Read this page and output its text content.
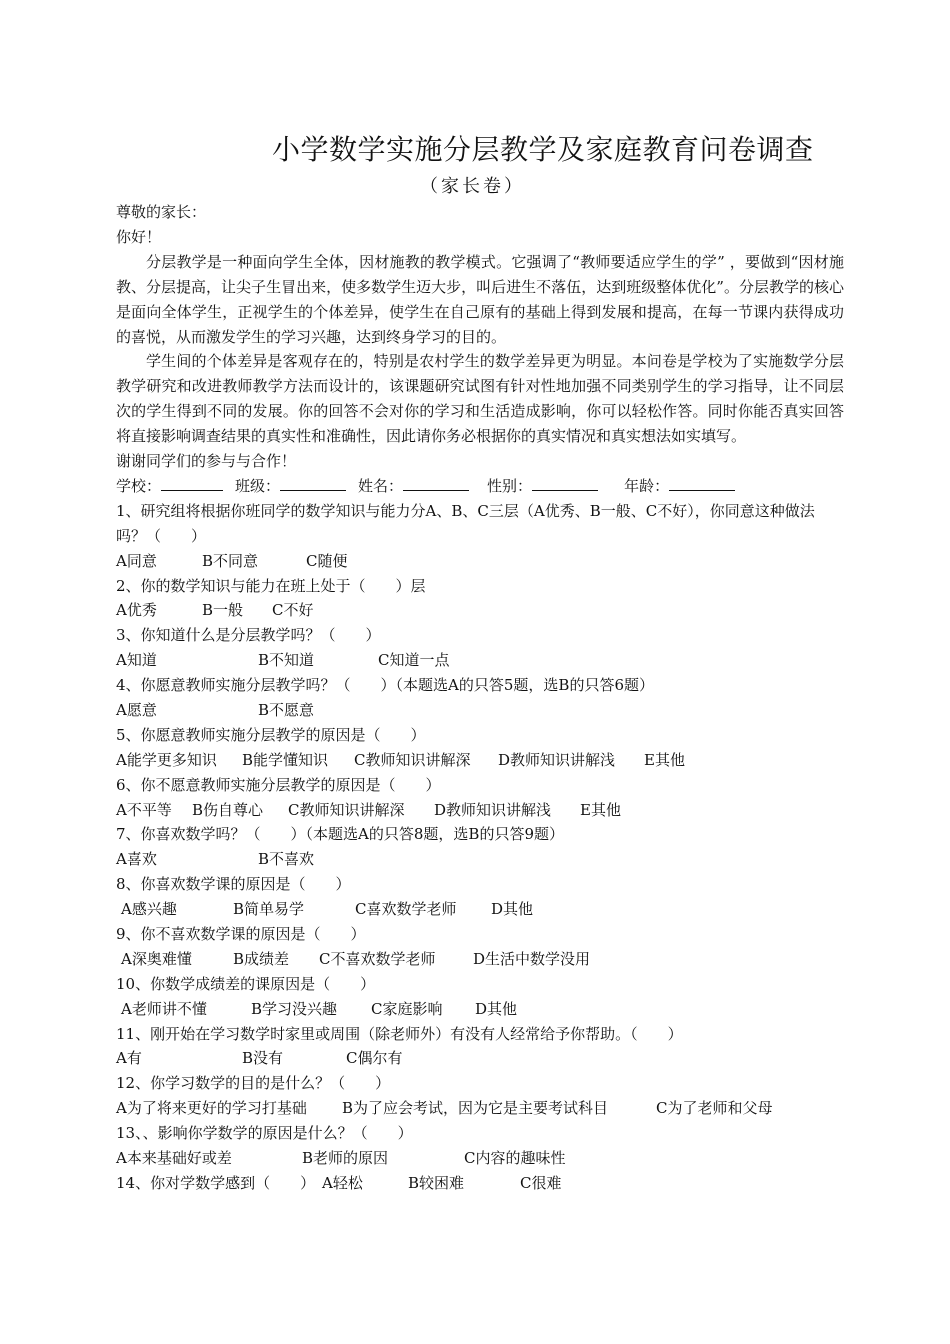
小学数学实施分层教学及家庭教育问卷调查
（家长卷）
尊敬的家长：
你好！
分层教学是一种面向学生全体，因材施教的教学模式。它强调了“教师要适应学生的学” ，要做到“因材施教、分层提高，让尖子生冒出来，使多数学生迈大步，叫后进生不落伍，达到班级整体优化”。分层教学的核心是面向全体学生，正视学生的个体差异，使学生在自己原有的基础上得到发展和提高，在每一节课内获得成功的喜悦，从而激发学生的学习兴趣，达到终身学习的目的。
学生间的个体差异是客观存在的，特别是农村学生的数学差异更为明显。本问卷是学校为了实施数学分层教学研究和改进教师教学方法而设计的，该课题研究试图有针对性地加强不同类别学生的学习指导，让不同层次的学生得到不同的发展。你的回答不会对你的学习和生活造成影响，你可以轻松作答。同时你能否真实回答将直接影响调查结果的真实性和准确性，因此请你务必根据你的真实情况和真实想法如实填写。
谢谢同学们的参与与合作！
学校：	班级：	姓名：	性别：	年龄：
1、研究组将根据你班同学的数学知识与能力分A、B、C三层（A优秀、B一般、C不好），你同意这种做法吗？（　　）
A同意	B不同意	C随便
2、你的数学知识与能力在班上处于（　　）层
A优秀	B一般 C不好
3、你知道什么是分层教学吗？（　　）
A知道	B不知道	C知道一点
4、你愿意教师实施分层教学吗？（　　）（本题选A的只答5题，选B的只答6题）
A愿意	B不愿意
5、你愿意教师实施分层教学的原因是（　　）
A能学更多知识 B能学懂知识 C教师知识讲解深 D教师知识讲解浅 E其他
6、你不愿意教师实施分层教学的原因是（　　）
A不平等 B伤自尊心 C教师知识讲解深 D教师知识讲解浅 E其他
7、你喜欢数学吗？（　　）（本题选A的只答8题，选B的只答9题）
A喜欢	B不喜欢
8、你喜欢数学课的原因是（　　）
A感兴趣	B简单易学	C喜欢数学老师 D其他
9、你不喜欢数学课的原因是（　　）
A深奥难懂	B成绩差 C不喜欢数学老师	D生活中数学没用
10、你数学成绩差的课原因是（　　）
A老师讲不懂	B学习没兴趣 C家庭影响 D其他
11、刚开始在学习数学时家里或周围（除老师外）有没有人经常给予你帮助。（　　）
A有	B没有	C偶尔有
12、你学习数学的目的是什么？（　　）
A为了将来更好的学习打基础 B为了应会考试，因为它是主要考试科目	C为了老师和父母
13、、影响你学数学的原因是什么？（　　）
A本来基础好或差	B老师的原因	C内容的趣味性
14、你对学数学感到（　　） A轻松	B较困难	C很难
